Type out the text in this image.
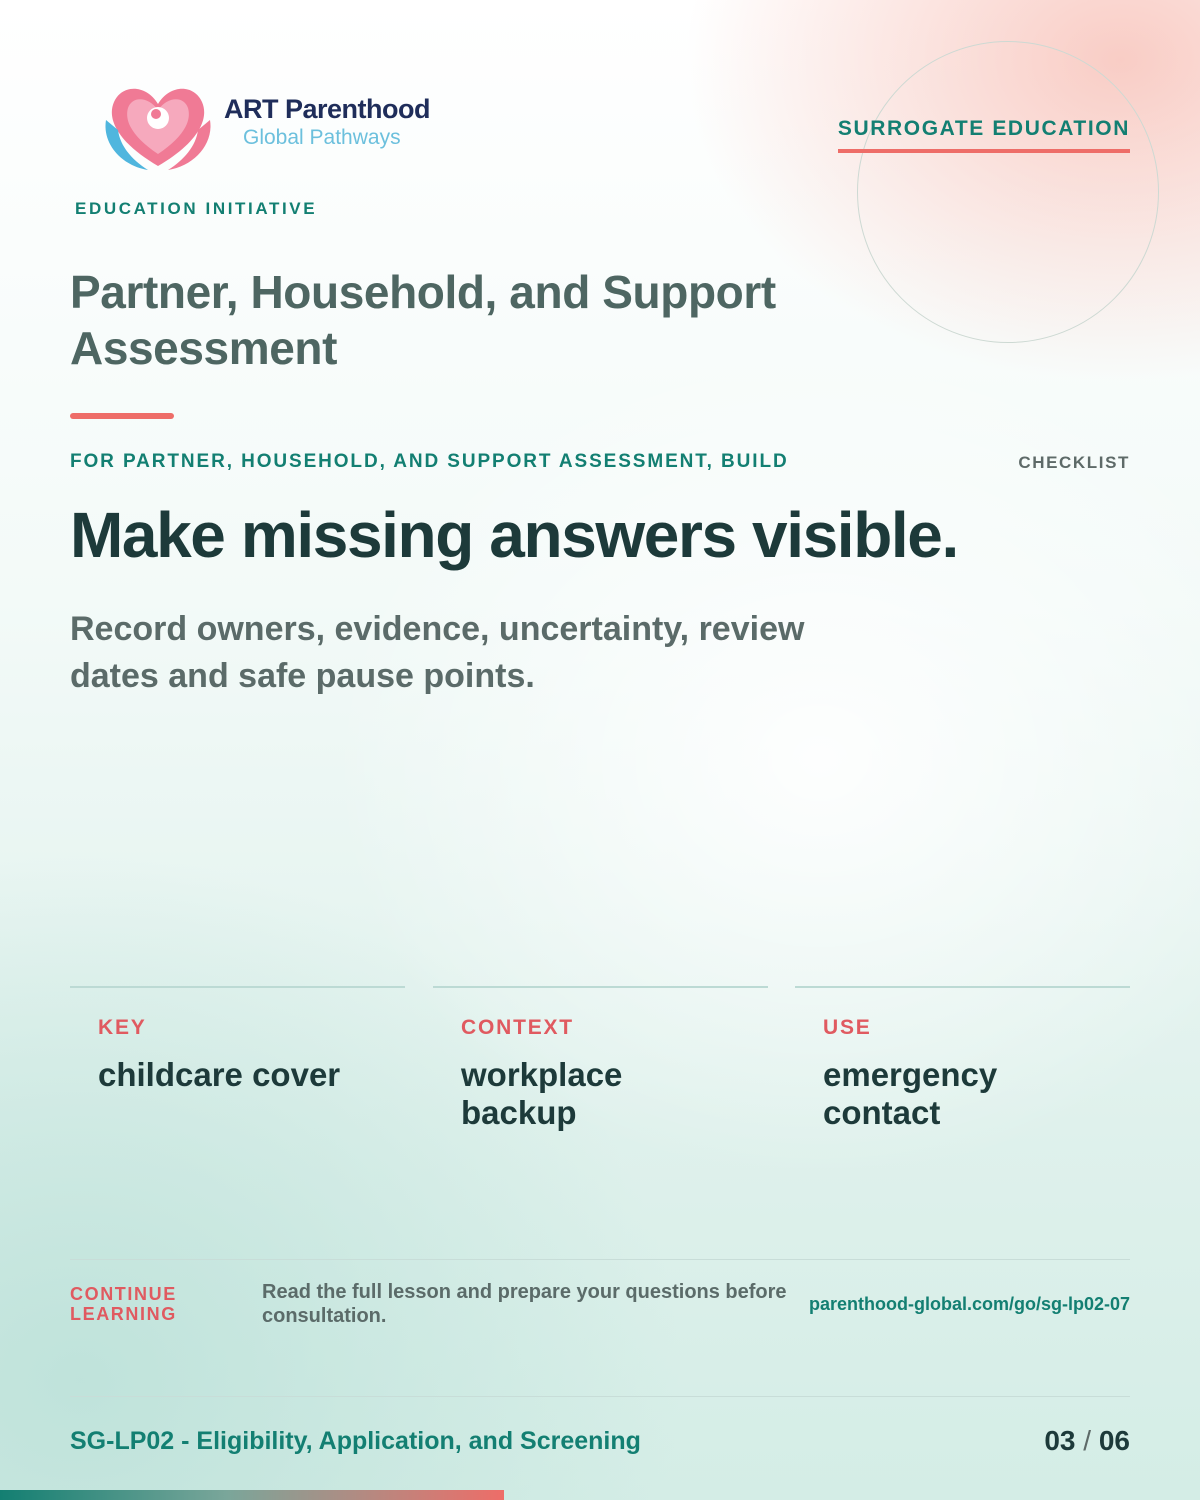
ART Parenthood
Global Pathways
EDUCATION INITIATIVE
SURROGATE EDUCATION
Partner, Household, and Support Assessment
FOR PARTNER, HOUSEHOLD, AND SUPPORT ASSESSMENT, BUILD	CHECKLIST
Make missing answers visible.

Record owners, evidence, uncertainty, review dates and safe pause points.

KEY
childcare cover
CONTEXT
workplace backup
USE
emergency contact
CONTINUE LEARNING
Read the full lesson and prepare your questions before consultation.
parenthood-global.com/go/sg-lp02-07
SG-LP02 - Eligibility, Application, and Screening	03 / 06
